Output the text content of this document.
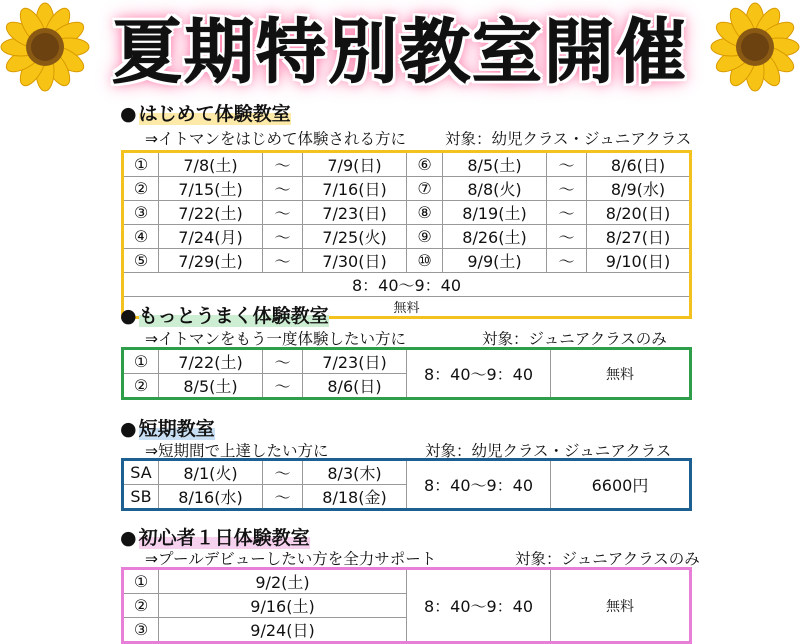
夏期特別教室開催
● はじめて体験教室
⇒イトマンをはじめて体験される方に	対象：幼児クラス・ジュニアクラス
①	7/8(土)	～	7/9(日)	⑥	8/5(土)	～	8/6(日)
②	7/15(土)	～	7/16(日)	⑦	8/8(火)	～	8/9(水)
③	7/22(土)	～	7/23(日)	⑧	8/19(土)	～	8/20(日)
④	7/24(月)	～	7/25(火)	⑨	8/26(土)	～	8/27(日)
⑤	7/29(土)	～	7/30(日)	⑩	9/9(土)	～	9/10(日)
8：40～9：40							
無料							
● もっとうまく体験教室
⇒イトマンをもう一度体験したい方に	対象：ジュニアクラスのみ
①	7/22(土)	～	7/23(日)	8：40～9：40	無料
②	8/5(土)	～	8/6(日)		
● 短期教室
⇒短期間で上達したい方に	対象：幼児クラス・ジュニアクラス
SA	8/1(火)	～	8/3(木)	8：40～9：40	6600円
SB	8/16(水)	～	8/18(金)		
● 初心者１日体験教室
⇒プールデビューしたい方を全力サポート	対象：ジュニアクラスのみ
①	9/2(土)	8：40～9：40	無料
②	9/16(土)		
③	9/24(日)		
